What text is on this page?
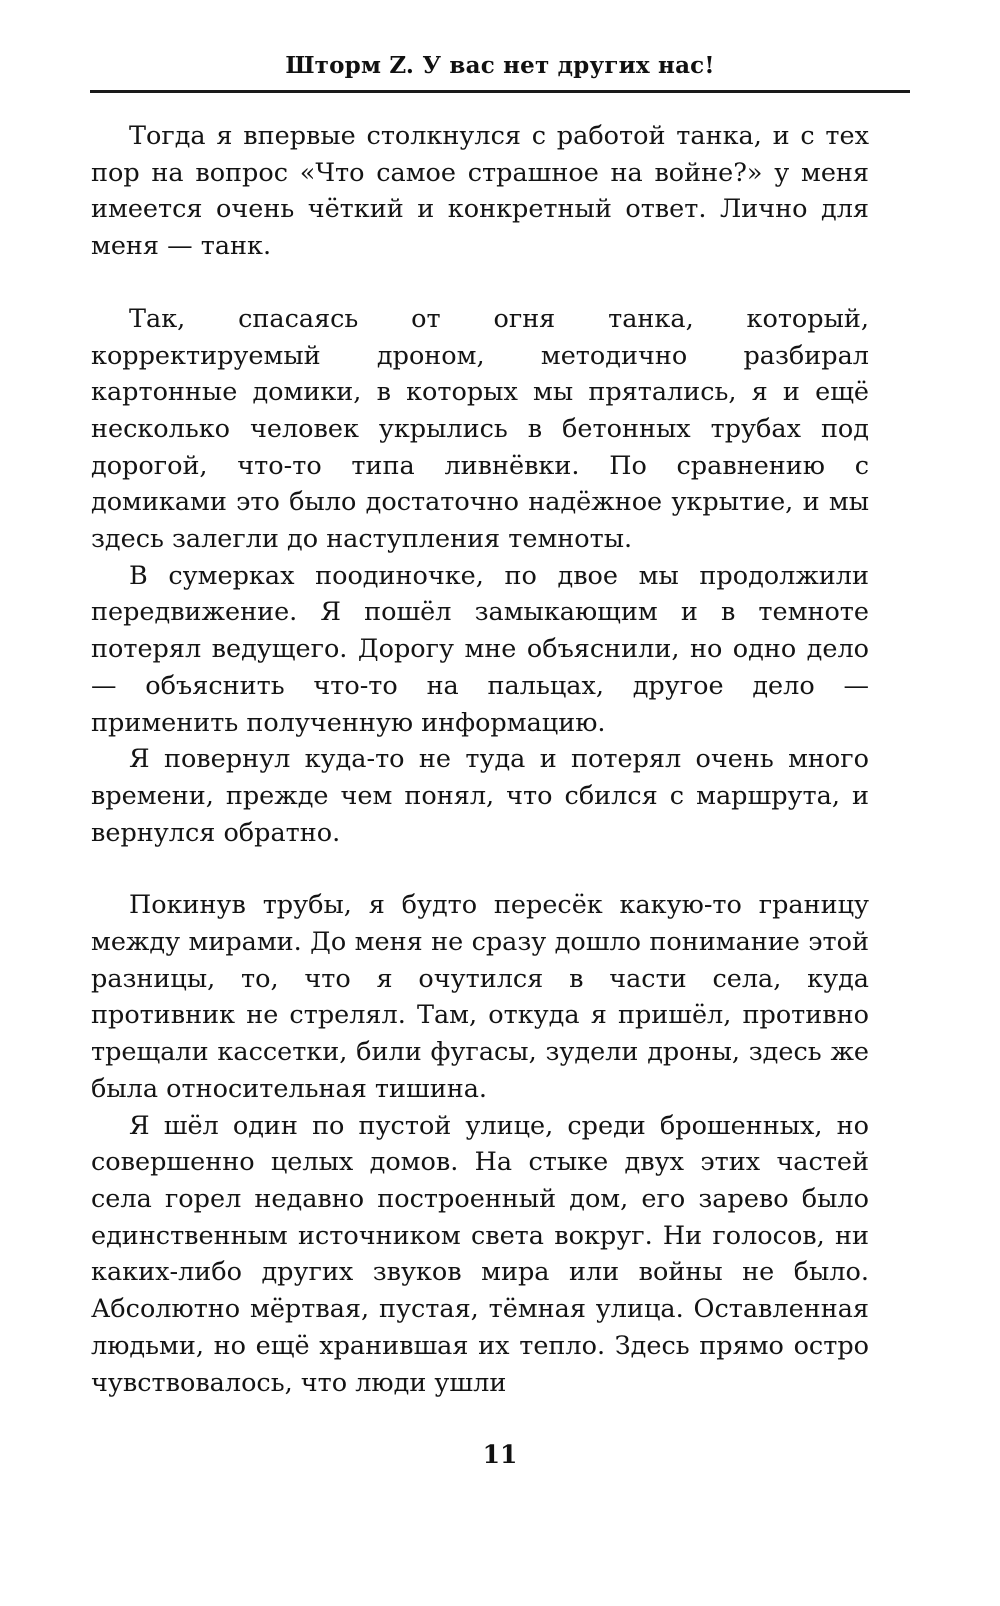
Шторм Z. У вас нет других нас!

Тогда я впервые столкнулся с работой танка, и с тех пор на вопрос «Что самое страшное на войне?» у меня имеется очень чёткий и конкретный ответ. Лично для меня — танк.

Так, спасаясь от огня танка, который, корректируемый дроном, методично разбирал картонные домики, в которых мы прятались, я и ещё несколько человек укрылись в бетонных трубах под дорогой, что-то типа ливнёвки. По сравнению с домиками это было достаточно надёжное укрытие, и мы здесь залегли до наступления темноты.

В сумерках поодиночке, по двое мы продолжили передвижение. Я пошёл замыкающим и в темноте потерял ведущего. Дорогу мне объяснили, но одно дело — объяснить что-то на пальцах, другое дело — применить полученную информацию.

Я повернул куда-то не туда и потерял очень много времени, прежде чем понял, что сбился с маршрута, и вернулся обратно.

Покинув трубы, я будто пересёк какую-то границу между мирами. До меня не сразу дошло понимание этой разницы, то, что я очутился в части села, куда противник не стрелял. Там, откуда я пришёл, противно трещали кассетки, били фугасы, зудели дроны, здесь же была относительная тишина.

Я шёл один по пустой улице, среди брошенных, но совершенно целых домов. На стыке двух этих частей села горел недавно построенный дом, его зарево было единственным источником света вокруг. Ни голосов, ни каких-либо других звуков мира или войны не было. Абсолютно мёртвая, пустая, тёмная улица. Оставленная людьми, но ещё хранившая их тепло. Здесь прямо остро чувствовалось, что люди ушли

11
